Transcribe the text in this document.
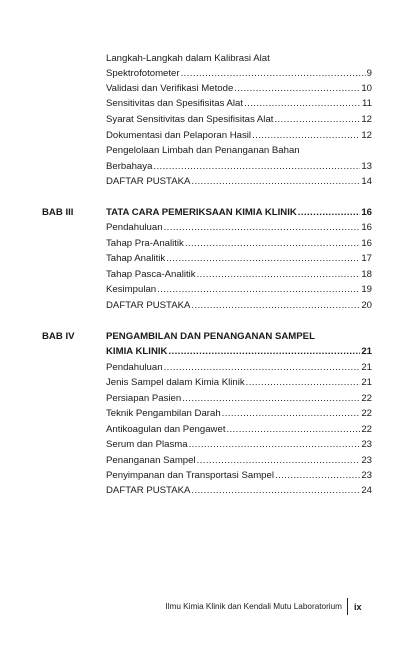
Langkah-Langkah dalam Kalibrasi Alat
Spektrofotometer .....	9
Validasi dan Verifikasi Metode .....	10
Sensitivitas dan Spesifisitas Alat .....	11
Syarat Sensitivitas dan Spesifisitas Alat .....	12
Dokumentasi dan Pelaporan Hasil .....	12
Pengelolaan Limbah dan Penanganan Bahan
Berbahaya .....	13
DAFTAR PUSTAKA .....	14
BAB III	TATA CARA PEMERIKSAAN KIMIA KLINIK .....	16
Pendahuluan .....	16
Tahap Pra-Analitik .....	16
Tahap Analitik .....	17
Tahap Pasca-Analitik .....	18
Kesimpulan .....	19
DAFTAR PUSTAKA .....	20
BAB IV	PENGAMBILAN DAN PENANGANAN SAMPEL
KIMIA KLINIK .....	21
Pendahuluan .....	21
Jenis Sampel dalam Kimia Klinik .....	21
Persiapan Pasien .....	22
Teknik Pengambilan Darah .....	22
Antikoagulan dan Pengawet .....	22
Serum dan Plasma .....	23
Penanganan Sampel .....	23
Penyimpanan dan Transportasi Sampel .....	23
DAFTAR PUSTAKA .....	24
Ilmu Kimia Klinik dan Kendali Mutu Laboratorium ix
